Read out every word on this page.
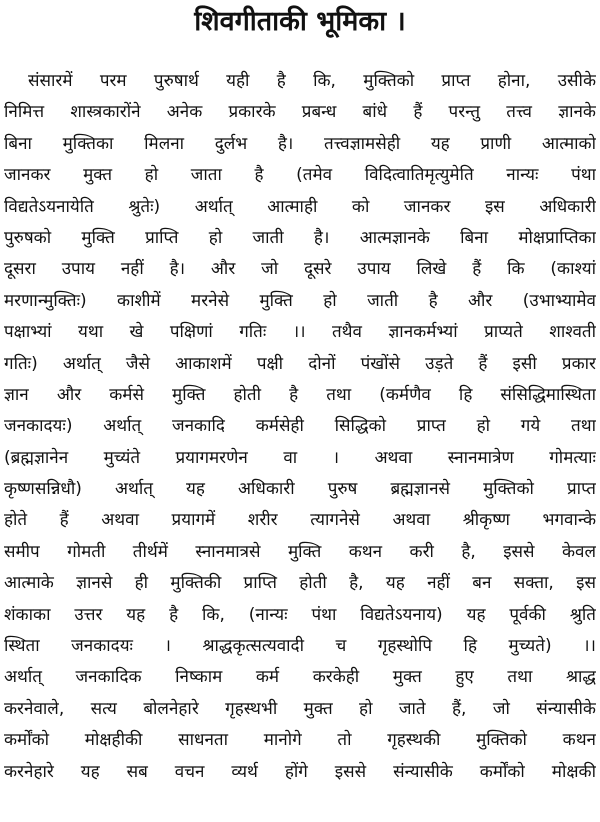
शिवगीताकी भूमिका ।
संसारमें परम पुरुषार्थ यही है कि, मुक्तिको प्राप्त होना, उसीके
निमित्त शास्त्रकारोंने अनेक प्रकारके प्रबन्ध बांधे हैं परन्तु तत्त्व ज्ञानके
बिना मुक्तिका मिलना दुर्लभ है। तत्त्वज्ञामसेही यह प्राणी आत्माको
जानकर मुक्त हो जाता है (तमेव विदित्वातिमृत्युमेति नान्यः पंथा
विद्यतेऽयनायेति श्रुतेः) अर्थात् आत्माही को जानकर इस अधिकारी
पुरुषको मुक्ति प्राप्ति हो जाती है। आत्मज्ञानके बिना मोक्षप्राप्तिका
दूसरा उपाय नहीं है। और जो दूसरे उपाय लिखे हैं कि (काश्यां
मरणान्मुक्तिः) काशीमें मरनेसे मुक्ति हो जाती है और (उभाभ्यामेव
पक्षाभ्यां यथा खे पक्षिणां गतिः ।। तथैव ज्ञानकर्मभ्यां प्राप्यते शाश्वती
गतिः) अर्थात् जैसे आकाशमें पक्षी दोनों पंखोंसे उड़ते हैं इसी प्रकार
ज्ञान और कर्मसे मुक्ति होती है तथा (कर्मणैव हि संसिद्धिमास्थिता
जनकादयः) अर्थात् जनकादि कर्मसेही सिद्धिको प्राप्त हो गये तथा
(ब्रह्मज्ञानेन मुच्यंते प्रयागमरणेन वा । अथवा स्नानमात्रेण गोमत्याः
कृष्णसन्निधौ) अर्थात् यह अधिकारी पुरुष ब्रह्मज्ञानसे मुक्तिको प्राप्त
होते हैं अथवा प्रयागमें शरीर त्यागनेसे अथवा श्रीकृष्ण भगवान्के
समीप गोमती तीर्थमें स्नानमात्रसे मुक्ति कथन करी है, इससे केवल
आत्माके ज्ञानसे ही मुक्तिकी प्राप्ति होती है, यह नहीं बन सक्ता, इस
शंकाका उत्तर यह है कि, (नान्यः पंथा विद्यतेऽयनाय) यह पूर्वकी श्रुति
स्थिता जनकादयः । श्राद्धकृत्सत्यवादी च गृहस्थोपि हि मुच्यते) ।।
अर्थात् जनकादिक निष्काम कर्म करकेही मुक्त हुए तथा श्राद्ध
करनेवाले, सत्य बोलनेहारे गृहस्थभी मुक्त हो जाते हैं, जो संन्यासीके
कर्मोंको मोक्षहीकी साधनता मानोगे तो गृहस्थकी मुक्तिको कथन
करनेहारे यह सब वचन व्यर्थ होंगे इससे संन्यासीके कर्मोंको मोक्षकी
